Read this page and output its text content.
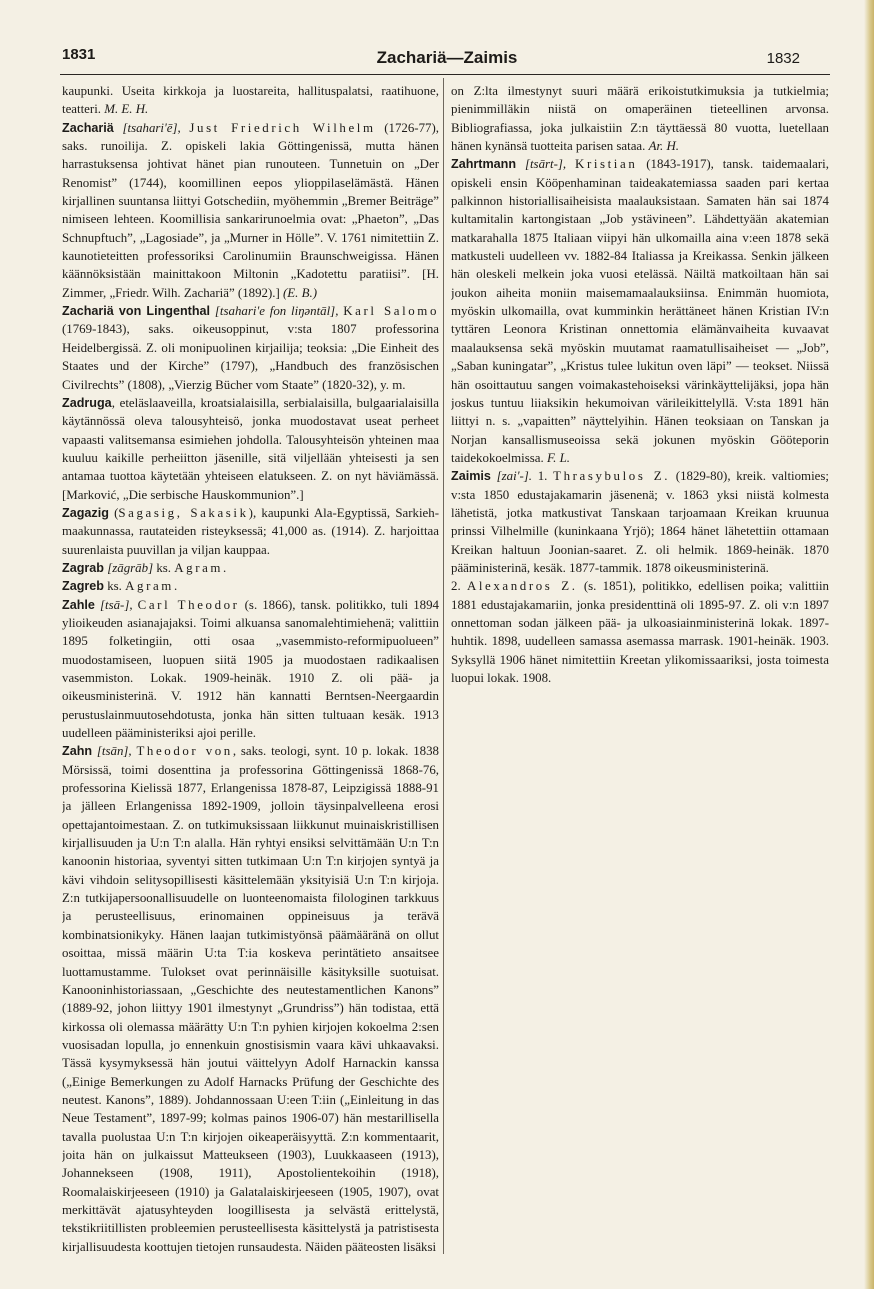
1831	Zachariä—Zaimis	1832

kaupunki. Useita kirkkoja ja luostareita, hallituspalatsi, raatihuone, teatteri. M. E. H.

Zachariä [tsahari'ē], Just Friedrich Wilhelm (1726-77), saks. runoilija. Z. opiskeli lakia Göttingenissä, mutta hänen harrastuksensa johtivat hänet pian runouteen. Tunnetuin on „Der Renomist” (1744), koomillinen eepos ylioppilaselämästä. Hänen kirjallinen suuntansa liittyi Gotschediin, myöhemmin „Bremer Beiträge” nimiseen lehteen. Koomillisia sankarirunoelmia ovat: „Phaeton”, „Das Schnupftuch”, „Lagosiade”, ja „Murner in Hölle”. V. 1761 nimitettiin Z. kaunotieteitten professoriksi Carolinumiin Braunschweigissa. Hänen käännöksistään mainittakoon Miltonin „Kadotettu paratiisi”. [H. Zimmer, „Friedr. Wilh. Zachariä” (1892).] (E. B.)

Zachariä von Lingenthal [tsahari'e fon liŋəntāl], Karl Salomo (1769-1843), saks. oikeusoppinut, v:sta 1807 professorina Heidelbergissä. Z. oli monipuolinen kirjailija; teoksia: „Die Einheit des Staates und der Kirche” (1797), „Handbuch des französischen Civilrechts” (1808), „Vierzig Bücher vom Staate” (1820-32), y. m.

Zadruga, eteläslaaveilla, kroatsialaisilla, serbialaisilla, bulgaarialaisilla käytännössä oleva talousyhteisö, jonka muodostavat useat perheet vapaasti valitsemansa esimiehen johdolla. Talousyhteisön yhteinen maa kuuluu kaikille perheiitton jäsenille, sitä viljellään yhteisesti ja sen antamaa tuottoa käytetään yhteiseen elatukseen. Z. on nyt häviämässä. [Marković, „Die serbische Hauskommunion”.]

Zagazig (Sagasig, Sakasik), kaupunki Ala-Egyptissä, Sarkieh-maakunnassa, rautateiden risteyksessä; 41,000 as. (1914). Z. harjoittaa suurenlaista puuvillan ja viljan kauppaa.

Zagrab [zāgrāb] ks. Agram.

Zagreb ks. Agram.

Zahle [tsā-], Carl Theodor (s. 1866), tansk. politikko, tuli 1894 ylioikeuden asianajajaksi. Toimi alkuansa sanomalehtimiehenä; valittiin 1895 folketingiin, otti osaa „vasemmisto-reformipuolueen” muodostamiseen, luopuen siitä 1905 ja muodostaen radikaalisen vasemmiston. Lokak. 1909-heinäk. 1910 Z. oli pää- ja oikeusministerinä. V. 1912 hän kannatti Berntsen-Neergaardin perustuslainmuutosehdotusta, jonka hän sitten tultuaan kesäk. 1913 uudelleen pääministeriksi ajoi perille.

Zahn [tsān], Theodor von, saks. teologi, synt. 10 p. lokak. 1838 Mörsissä, toimi dosenttina ja professorina Göttingenissä 1868-76, professorina Kielissä 1877, Erlangenissa 1878-87, Leipzigissä 1888-91 ja jälleen Erlangenissa 1892-1909, jolloin täysinpalvelleena erosi opettajantoimestaan. Z. on tutkimuksissaan liikkunut muinaiskristillisen kirjallisuuden ja U:n T:n alalla. Hän ryhtyi ensiksi selvittämään U:n T:n kanoonin historiaa, syventyi sitten tutkimaan U:n T:n kirjojen syntyä ja kävi vihdoin selitysopillisesti käsittelemään yksityisiä U:n T:n kirjoja. Z:n tutkijapersoonallisuudelle on luonteenomaista filologinen tarkkuus ja perusteellisuus, erinomainen oppineisuus ja terävä kombinatsionikyky. Hänen laajan tutkimistyönsä päämääränä on ollut osoittaa, missä määrin U:ta T:ia koskeva perintätieto ansaitsee luottamustamme. Tulokset ovat perinnäisille käsityksille suotuisat. Kanooninhistoriassaan, „Geschichte des neutestamentlichen Kanons” (1889-92, johon liittyy 1901 ilmestynyt „Grundriss”) hän todistaa, että kirkossa oli olemassa määrätty U:n T:n pyhien kirjojen kokoelma 2:sen vuosisadan lopulla, jo ennenkuin gnostisismin vaara kävi uhkaavaksi. Tässä kysymyksessä hän joutui väittelyyn Adolf Harnackin kanssa („Einige Bemerkungen zu Adolf Harnacks Prüfung der Geschichte des neutest. Kanons”, 1889). Johdannossaan U:een T:iin („Einleitung in das Neue Testament”, 1897-99; kolmas painos 1906-07) hän mestarillisella tavalla puolustaa U:n T:n kirjojen oikeaperäisyyttä. Z:n kommentaarit, joita hän on julkaissut Matteukseen (1903), Luukkaaseen (1913), Johannekseen (1908, 1911), Apostolientekoihin (1918), Roomalaiskirjeeseen (1910) ja Galatalaiskirjeeseen (1905, 1907), ovat merkittävät ajatusyhteyden loogillisesta ja selvästä erittelystä, tekstikriitillisten probleemien perusteellisesta käsittelystä ja patristisesta kirjallisuudesta koottujen tietojen runsaudesta. Näiden pääteosten lisäksi

on Z:lta ilmestynyt suuri määrä erikoistutkimuksia ja tutkielmia; pienimmilläkin niistä on omaperäinen tieteellinen arvonsa. Bibliografiassa, joka julkaistiin Z:n täyttäessä 80 vuotta, luetellaan hänen kynänsä tuotteita parisen sataa. Ar. H.

Zahrtmann [tsārt-], Kristian (1843-1917), tansk. taidemaalari, opiskeli ensin Kööpenhaminan taideakatemiassa saaden pari kertaa palkinnon historiallisaiheisista maalauksistaan. Samaten hän sai 1874 kultamitalin kartongistaan „Job ystävineen”. Lähdettyään akatemian matkarahalla 1875 Italiaan viipyi hän ulkomailla aina v:een 1878 sekä matkusteli uudelleen vv. 1882-84 Italiassa ja Kreikassa. Senkin jälkeen hän oleskeli melkein joka vuosi etelässä. Näiltä matkoiltaan hän sai joukon aiheita moniin maisemamaalauksiinsa. Enimmän huomiota, myöskin ulkomailla, ovat kumminkin herättäneet hänen Kristian IV:n tyttären Leonora Kristinan onnettomia elämänvaiheita kuvaavat maalauksensa sekä myöskin muutamat raamatullisaiheiset — „Job”, „Saban kuningatar”, „Kristus tulee lukitun oven läpi” — teokset. Niissä hän osoittautuu sangen voimakastehoiseksi värinkäyttelijäksi, jopa hän joskus tuntuu liiaksikin hekumoivan värileikittelyllä. V:sta 1891 hän liittyi n. s. „vapaitten” näyttelyihin. Hänen teoksiaan on Tanskan ja Norjan kansallismuseoissa sekä jokunen myöskin Gööteporin taidekokoelmissa. F. L.

Zaimis [zai'-]. 1. Thrasybulos Z. (1829-80), kreik. valtiomies; v:sta 1850 edustajakamarin jäsenenä; v. 1863 yksi niistä kolmesta lähetistä, jotka matkustivat Tanskaan tarjoamaan Kreikan kruunua prinssi Vilhelmille (kuninkaana Yrjö); 1864 hänet lähetettiin ottamaan Kreikan haltuun Joonian-saaret. Z. oli helmik. 1869-heinäk. 1870 pääministerinä, kesäk. 1877-tammik. 1878 oikeusministerinä.

2. Alexandros Z. (s. 1851), politikko, edellisen poika; valittiin 1881 edustajakamariin, jonka presidenttinä oli 1895-97. Z. oli v:n 1897 onnettoman sodan jälkeen pää- ja ulkoasiainministerinä lokak. 1897-huhtik. 1898, uudelleen samassa asemassa marrask. 1901-heinäk. 1903. Syksyllä 1906 hänet nimitettiin Kreetan ylikomissaariksi, josta toimesta luopui lokak. 1908.
